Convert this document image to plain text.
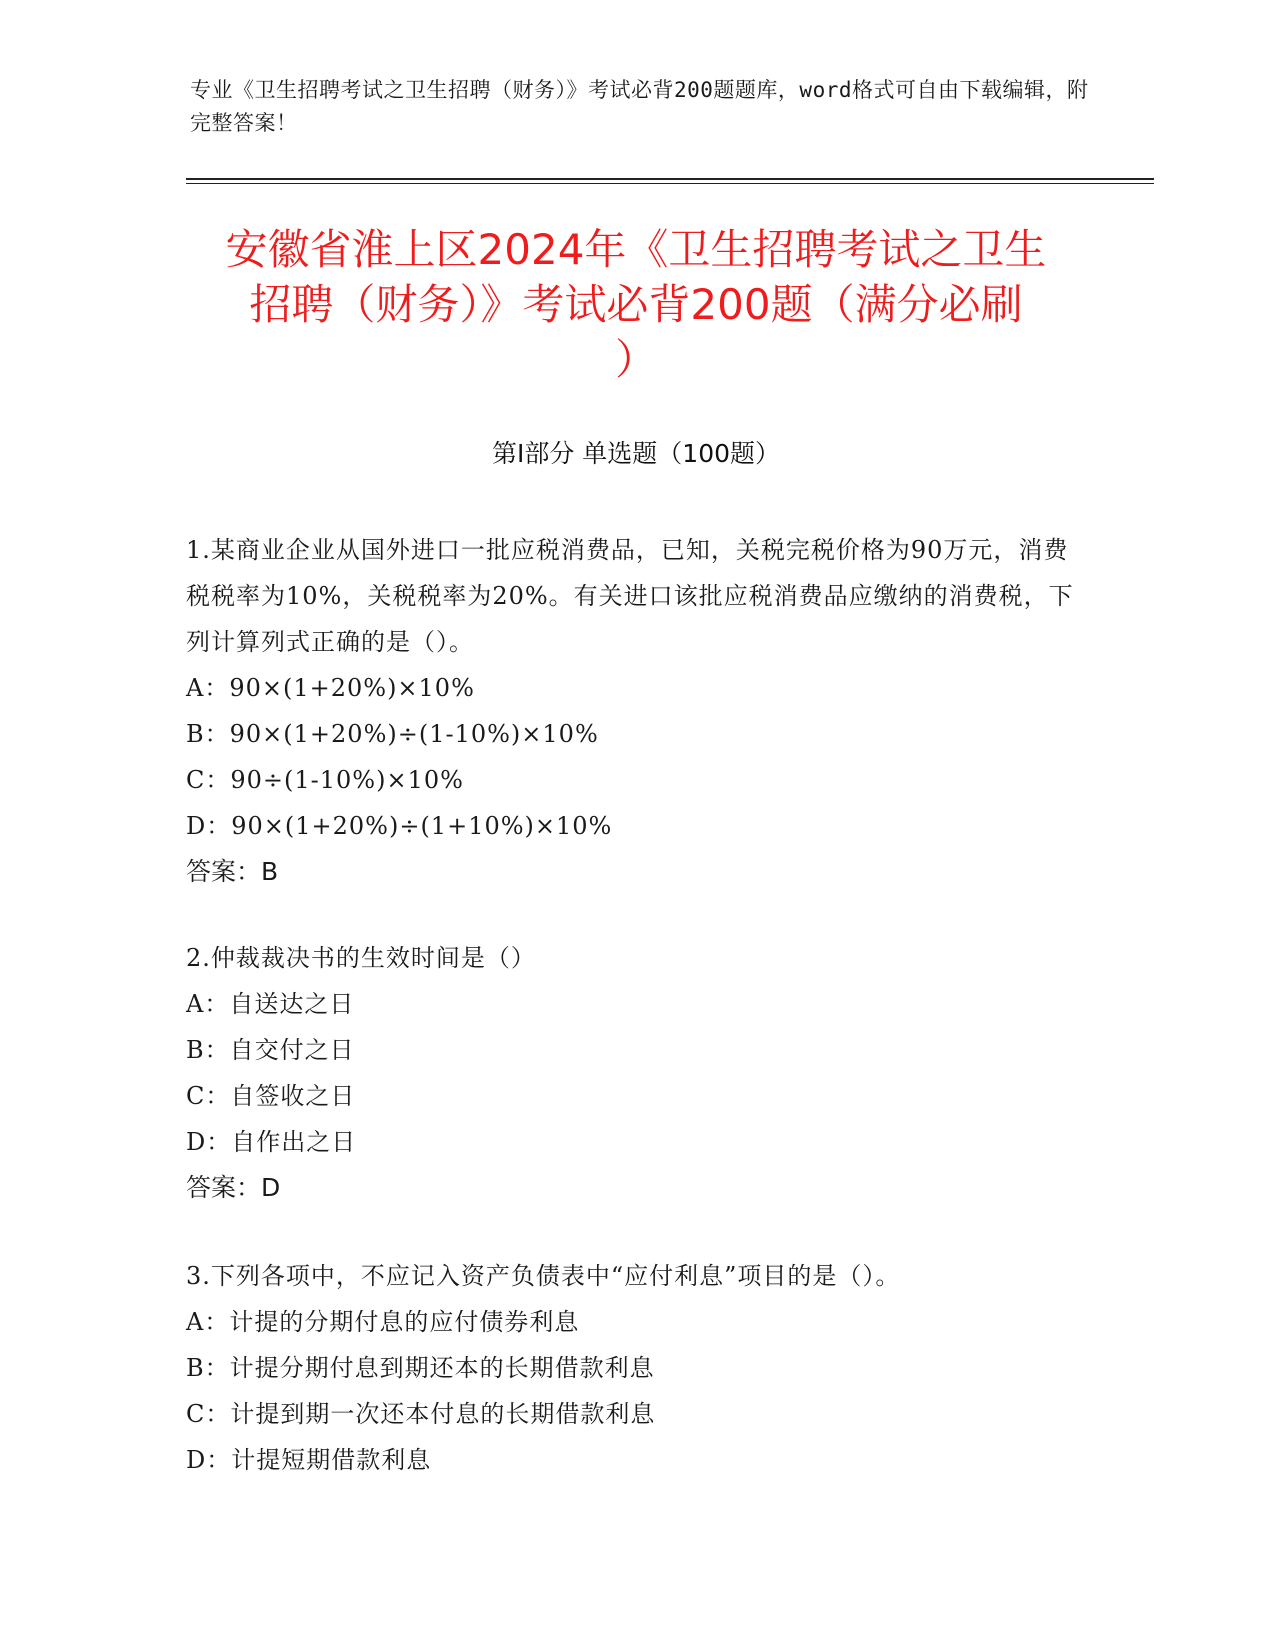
专业《卫生招聘考试之卫生招聘（财务）》考试必背200题题库，word格式可自由下载编辑，附完整答案！
安徽省淮上区2024年《卫生招聘考试之卫生
招聘（财务）》考试必背200题（满分必刷
）
第Ⅰ部分 单选题（100题）
1.某商业企业从国外进口一批应税消费品，已知，关税完税价格为90万元，消费税税率为10%，关税税率为20%。有关进口该批应税消费品应缴纳的消费税，下列计算列式正确的是（）。
A：90×(1+20%)×10%
B：90×(1+20%)÷(1-10%)×10%
C：90÷(1-10%)×10%
D：90×(1+20%)÷(1+10%)×10%
答案：B
2.仲裁裁决书的生效时间是（）
A：自送达之日
B：自交付之日
C：自签收之日
D：自作出之日
答案：D
3.下列各项中，不应记入资产负债表中“应付利息”项目的是（）。
A：计提的分期付息的应付债券利息
B：计提分期付息到期还本的长期借款利息
C：计提到期一次还本付息的长期借款利息
D：计提短期借款利息
